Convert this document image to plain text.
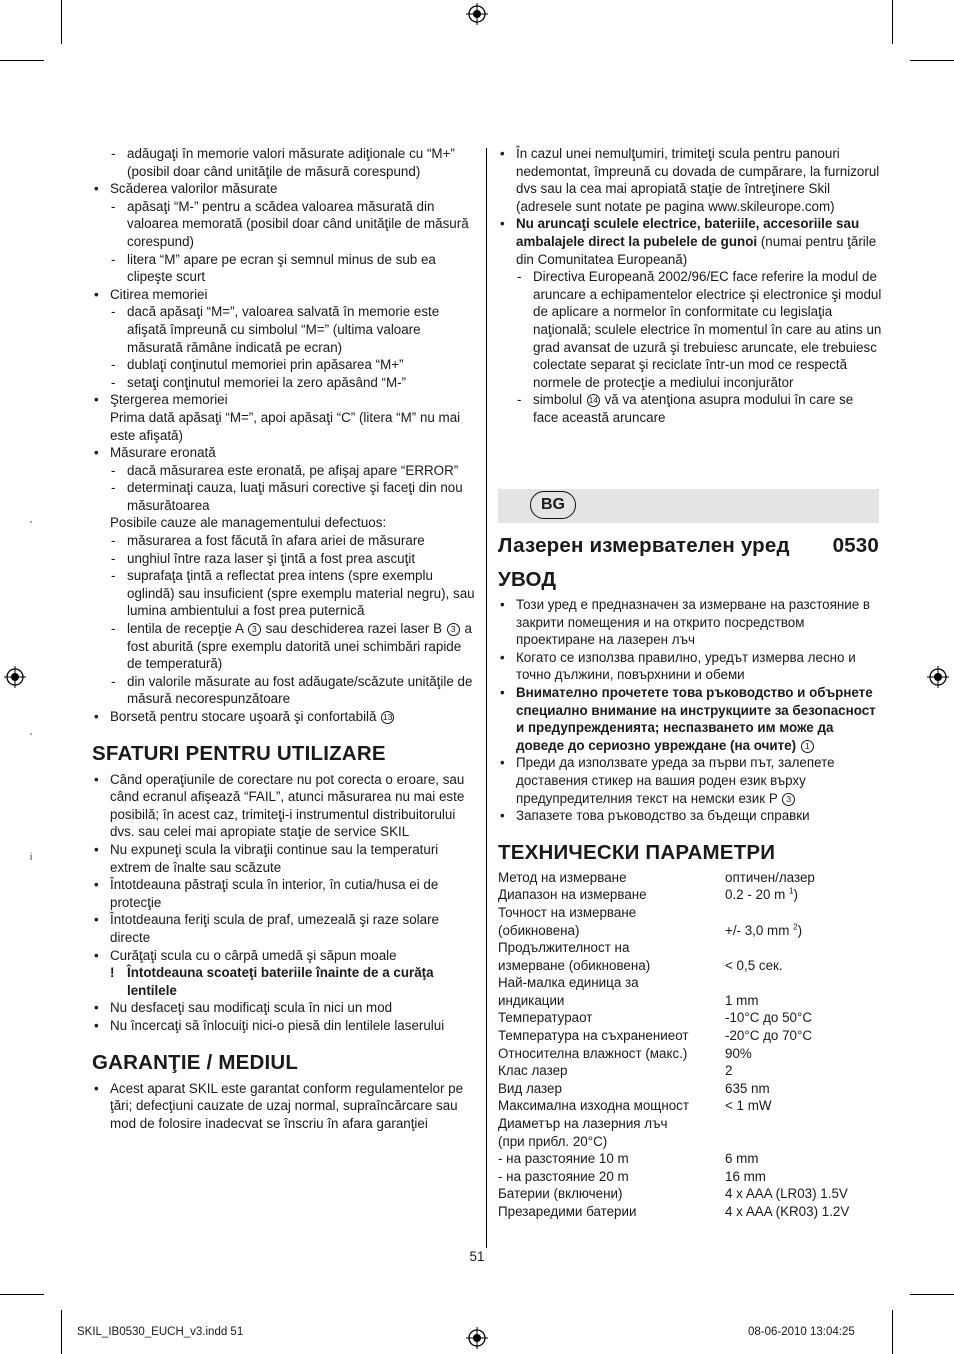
- adăugaţi în memorie valori măsurate adiţionale cu “M+” (posibil doar când unităţile de măsură corespund)
• Scăderea valorilor măsurate
- apăsaţi “M-” pentru a scădea valoarea măsurată din valoarea memorată (posibil doar când unităţile de măsură corespund)
- litera “M” apare pe ecran şi semnul minus de sub ea clipeşte scurt
• Citirea memoriei
- dacă apăsaţi “M=”, valoarea salvată în memorie este afişată împreună cu simbolul “M=” (ultima valoare măsurată rămâne indicată pe ecran)
- dublaţi conţinutul memoriei prin apăsarea “M+”
- setaţi conţinutul memoriei la zero apăsând “M-”
• Ştergerea memoriei
Prima dată apăsaţi “M=”, apoi apăsaţi “C” (litera “M” nu mai este afişată)
• Măsurare eronată
- dacă măsurarea este eronată, pe afişaj apare “ERROR”
- determinaţi cauza, luaţi măsuri corective şi faceţi din nou măsurătoarea
Posibile cauze ale managementului defectuos:
- măsurarea a fost făcută în afara ariei de măsurare
- unghiul între raza laser şi ţintă a fost prea ascuţit
- suprafaţa ţintă a reflectat prea intens (spre exemplu oglindă) sau insuficient (spre exemplu material negru), sau lumina ambientului a fost prea puternică
- lentila de recepţie A 3 sau deschiderea razei laser B 3 a fost aburită (spre exemplu datorită unei schimbări rapide de temperatură)
- din valorile măsurate au fost adăugate/scăzute unităţile de măsură necorespunzătoare
• Borsetă pentru stocare uşoară şi confortabilă 13
SFATURI PENTRU UTILIZARE
• Când operaţiunile de corectare nu pot corecta o eroare, sau când ecranul afişează “FAIL”, atunci măsurarea nu mai este posibilă; în acest caz, trimiteţi-i instrumentul distribuitorului dvs. sau celei mai apropiate staţie de service SKIL
• Nu expuneţi scula la vibraţii continue sau la temperaturi extrem de înalte sau scăzute
• Întotdeauna păstraţi scula în interior, în cutia/husa ei de protecţie
• Întotdeauna feriţi scula de praf, umezeală şi raze solare directe
• Curăţaţi scula cu o cârpă umedă şi săpun moale
! Întotdeauna scoateţi bateriile înainte de a curăţa lentilele
• Nu desfaceţi sau modificaţi scula în nici un mod
• Nu încercaţi să înlocuiţi nici-o piesă din lentilele laserului
GARANŢIE / MEDIUL
• Acest aparat SKIL este garantat conform regulamentelor pe ţări; defecţiuni cauzate de uzaj normal, supraîncărcare sau mod de folosire inadecvat se înscriu în afara garanţiei
• În cazul unei nemulţumiri, trimiteţi scula pentru panouri nedemontat, împreună cu dovada de cumpărare, la furnizorul dvs sau la cea mai apropiată staţie de întreţinere Skil (adresele sunt notate pe pagina www.skileurope.com)
• Nu aruncaţi sculele electrice, bateriile, accesoriile sau ambalajele direct la pubelele de gunoi (numai pentru ţările din Comunitatea Europeană)
- Directiva Europeană 2002/96/EC face referire la modul de aruncare a echipamentelor electrice şi electronice şi modul de aplicare a normelor în conformitate cu legislaţia naţională; sculele electrice în momentul în care au atins un grad avansat de uzură şi trebuiesc aruncate, ele trebuiesc colectate separat şi reciclate într-un mod ce respectă normele de protecţie a mediului inconjurător
- simbolul 14 vă va atenţiona asupra modului în care se face această aruncare
BG
Лазерен измервателен уред 0530
УВОД
• Този уред е предназначен за измерване на разстояние в закрити помещения и на открито посредством проектиране на лазерен лъч
• Когато се използва правилно, уредът измерва лесно и точно дължини, повърхнини и обеми
• Внимателно прочетете това ръководство и обърнете специално внимание на инструкциите за безопасност и предупрежденията; неспазването им може да доведе до сериозно увреждане (на очите) 1
• Преди да използвате уреда за първи път, залепете доставения стикер на вашия роден език върху предупредителния текст на немски език P 3
• Запазете това ръководство за бъдещи справки
ТЕХНИЧЕСКИ ПАРАМЕТРИ
Метод на измерване	оптичен/лазер
Диапазон на измерване	0.2 - 20 m $^1$)
Точност на измерване	
(обикновена)	+/- 3,0 mm $^2$)
Продължителност на	
измерване (обикновена)	< 0,5 сек.
Най-малка единица за	
индикации	1 mm
Температураот	-10°C до 50°C
Температура на съхранениеот	-20°C до 70°C
Относителна влажност (макс.)	90%
Клас лазер	2
Вид лазер	635 nm
Максимална изходна мощност	< 1 mW
Диаметър на лазерния лъч	
(при прибл. 20°C)	
- на разстояние 10 m	6 mm
- на разстояние 20 m	16 mm
Батерии (включени)	4 x AAA (LR03) 1.5V
Презаредими батерии	4 x AAA (KR03) 1.2V
51
SKIL_IB0530_EUCH_v3.indd 51	08-06-2010 13:04:25
'
'
i
